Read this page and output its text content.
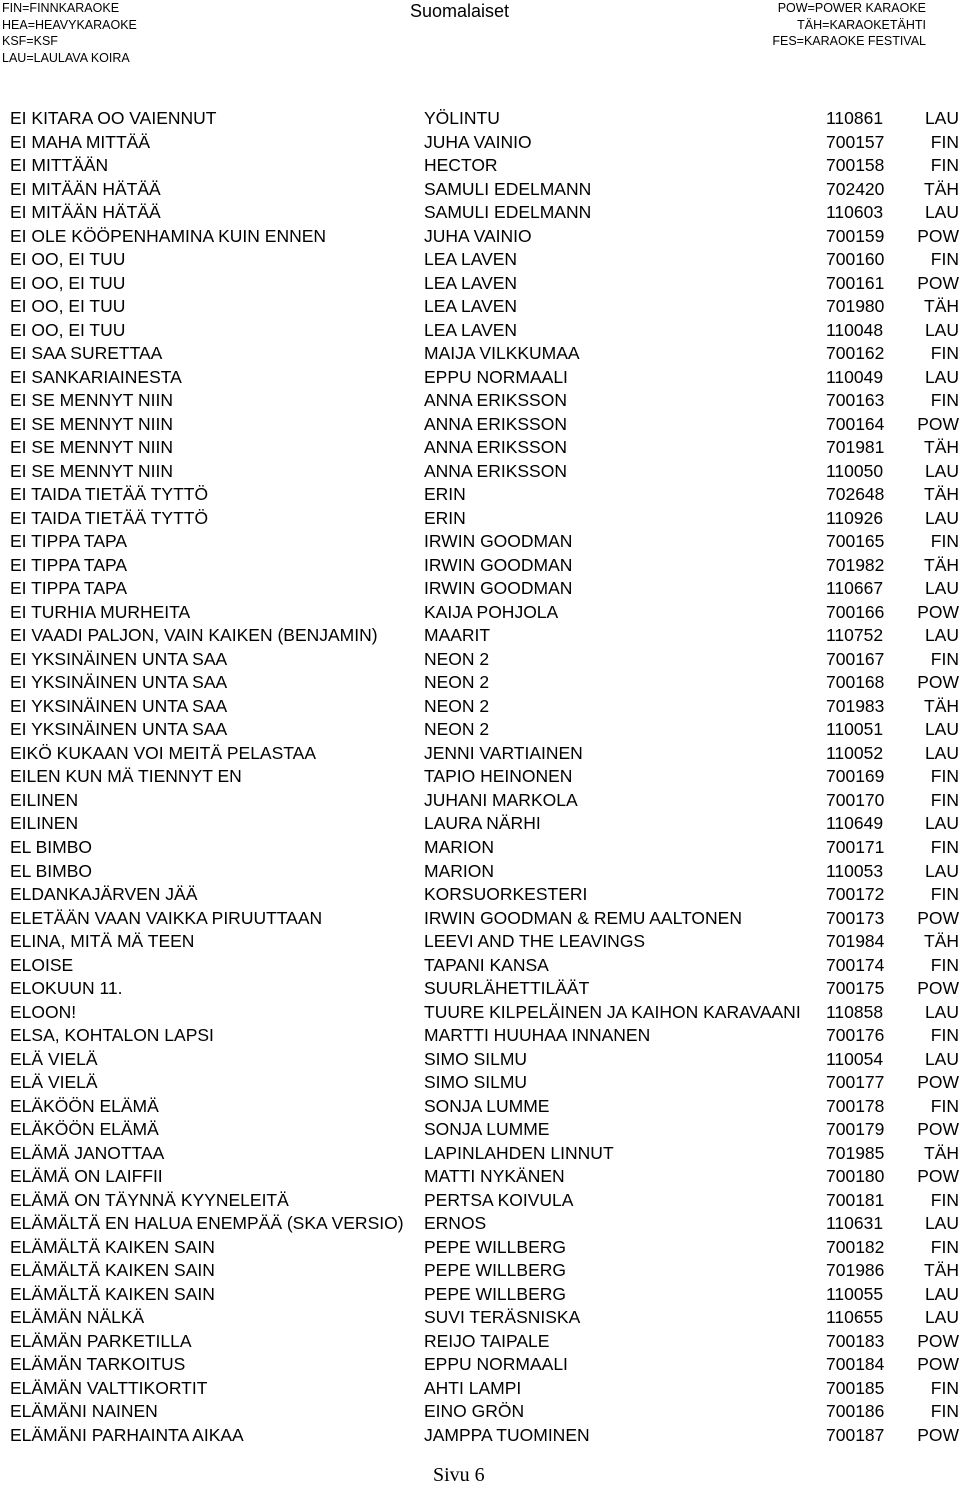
FIN=FINNKARAOKE
HEA=HEAVYKARAOKE
KSF=KSF
LAU=LAULAVA KOIRA
Suomalaiset	POW=POWER KARAOKE
TÄH=KARAOKETÄHTI
FES=KARAOKE FESTIVAL
EI KITARA OO VAIENNUT	YÖLINTU	110861	LAU
EI MAHA MITTÄÄ	JUHA VAINIO	700157	FIN
EI MITTÄÄN	HECTOR	700158	FIN
EI MITÄÄN HÄTÄÄ	SAMULI EDELMANN	702420	TÄH
EI MITÄÄN HÄTÄÄ	SAMULI EDELMANN	110603	LAU
EI OLE KÖÖPENHAMINA KUIN ENNEN	JUHA VAINIO	700159	POW
EI OO, EI TUU	LEA LAVEN	700160	FIN
EI OO, EI TUU	LEA LAVEN	700161	POW
EI OO, EI TUU	LEA LAVEN	701980	TÄH
EI OO, EI TUU	LEA LAVEN	110048	LAU
EI SAA SURETTAA	MAIJA VILKKUMAA	700162	FIN
EI SANKARIAINESTA	EPPU NORMAALI	110049	LAU
EI SE MENNYT NIIN	ANNA ERIKSSON	700163	FIN
EI SE MENNYT NIIN	ANNA ERIKSSON	700164	POW
EI SE MENNYT NIIN	ANNA ERIKSSON	701981	TÄH
EI SE MENNYT NIIN	ANNA ERIKSSON	110050	LAU
EI TAIDA TIETÄÄ TYTTÖ	ERIN	702648	TÄH
EI TAIDA TIETÄÄ TYTTÖ	ERIN	110926	LAU
EI TIPPA TAPA	IRWIN GOODMAN	700165	FIN
EI TIPPA TAPA	IRWIN GOODMAN	701982	TÄH
EI TIPPA TAPA	IRWIN GOODMAN	110667	LAU
EI TURHIA MURHEITA	KAIJA POHJOLA	700166	POW
EI VAADI PALJON, VAIN KAIKEN (BENJAMIN)	MAARIT	110752	LAU
EI YKSINÄINEN UNTA SAA	NEON 2	700167	FIN
EI YKSINÄINEN UNTA SAA	NEON 2	700168	POW
EI YKSINÄINEN UNTA SAA	NEON 2	701983	TÄH
EI YKSINÄINEN UNTA SAA	NEON 2	110051	LAU
EIKÖ KUKAAN VOI MEITÄ PELASTAA	JENNI VARTIAINEN	110052	LAU
EILEN KUN MÄ TIENNYT EN	TAPIO HEINONEN	700169	FIN
EILINEN	JUHANI MARKOLA	700170	FIN
EILINEN	LAURA NÄRHI	110649	LAU
EL BIMBO	MARION	700171	FIN
EL BIMBO	MARION	110053	LAU
ELDANKAJÄRVEN JÄÄ	KORSUORKESTERI	700172	FIN
ELETÄÄN VAAN VAIKKA PIRUUTTAAN	IRWIN GOODMAN & REMU AALTONEN	700173	POW
ELINA, MITÄ MÄ TEEN	LEEVI AND THE LEAVINGS	701984	TÄH
ELOISE	TAPANI KANSA	700174	FIN
ELOKUUN 11.	SUURLÄHETTILÄÄT	700175	POW
ELOON!	TUURE KILPELÄINEN JA KAIHON KARAVAANI	110858	LAU
ELSA, KOHTALON LAPSI	MARTTI HUUHAA INNANEN	700176	FIN
ELÄ VIELÄ	SIMO SILMU	110054	LAU
ELÄ VIELÄ	SIMO SILMU	700177	POW
ELÄKÖÖN ELÄMÄ	SONJA LUMME	700178	FIN
ELÄKÖÖN ELÄMÄ	SONJA LUMME	700179	POW
ELÄMÄ JANOTTAA	LAPINLAHDEN LINNUT	701985	TÄH
ELÄMÄ ON LAIFFII	MATTI NYKÄNEN	700180	POW
ELÄMÄ ON TÄYNNÄ KYYNELEITÄ	PERTSA KOIVULA	700181	FIN
ELÄMÄLTÄ EN HALUA ENEMPÄÄ (SKA VERSIO)	ERNOS	110631	LAU
ELÄMÄLTÄ KAIKEN SAIN	PEPE WILLBERG	700182	FIN
ELÄMÄLTÄ KAIKEN SAIN	PEPE WILLBERG	701986	TÄH
ELÄMÄLTÄ KAIKEN SAIN	PEPE WILLBERG	110055	LAU
ELÄMÄN NÄLKÄ	SUVI TERÄSNISKA	110655	LAU
ELÄMÄN PARKETILLA	REIJO TAIPALE	700183	POW
ELÄMÄN TARKOITUS	EPPU NORMAALI	700184	POW
ELÄMÄN VALTTIKORTIT	AHTI LAMPI	700185	FIN
ELÄMÄNI NAINEN	EINO GRÖN	700186	FIN
ELÄMÄNI PARHAINTA AIKAA	JAMPPA TUOMINEN	700187	POW
Sivu 6
